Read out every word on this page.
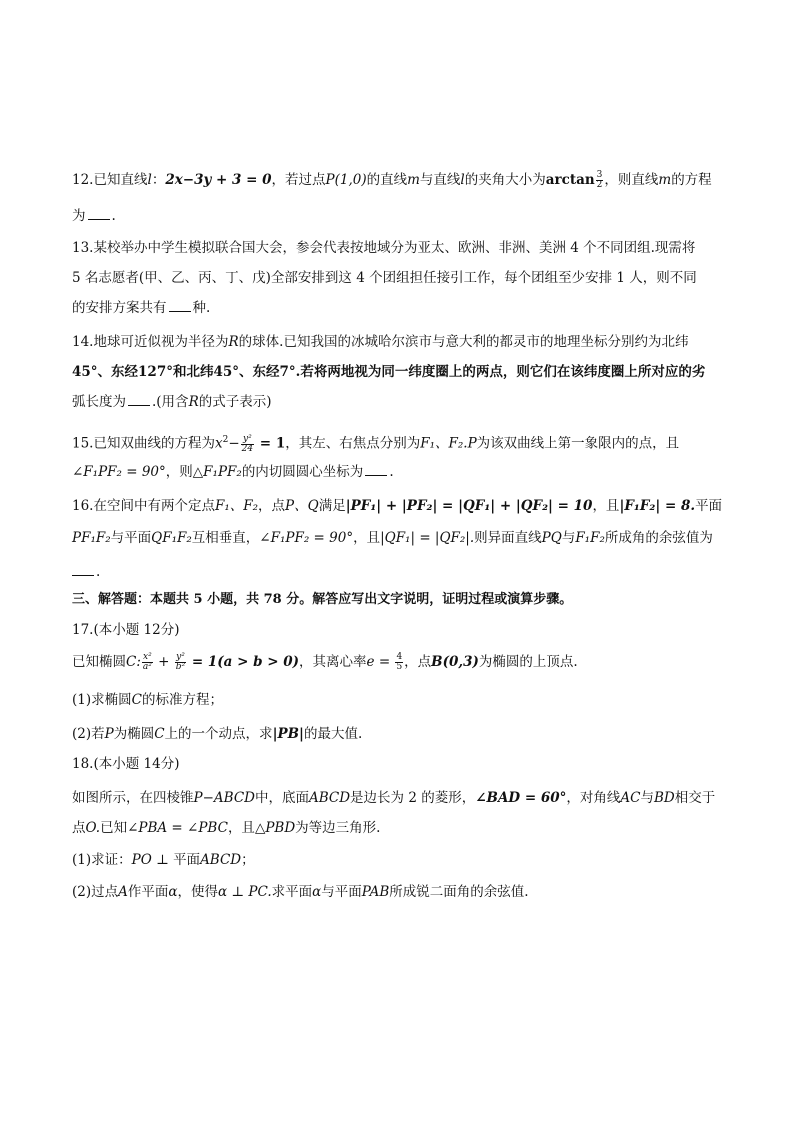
12.已知直线l：2x−3y + 3 = 0，若过点P(1,0)的直线m与直线l的夹角大小为$\arctan \frac{3}{2}$ ，则直线m的方程
为 .
13.某校举办中学生模拟联合国大会，参会代表按地域分为亚太、欧洲、非洲、美洲 4 个不同团组.现需将
5 名志愿者(甲、乙、丙、丁、戊)全部安排到这 4 个团组担任接引工作，每个团组至少安排 1 人，则不同
的安排方案共有 种.
14.地球可近似视为半径为R的球体.已知我国的冰城哈尔滨市与意大利的都灵市的地理坐标分别约为北纬
45°、东经127°和北纬45°、东经7°.若将两地视为同一纬度圈上的两点，则它们在该纬度圈上所对应的劣
弧长度为 .(用含R的式子表示)
15.已知双曲线的方程为$x^2- \frac{\text{y²}}{24} = 1$，其左、右焦点分别为F₁、F₂.P为该双曲线上第一象限内的点，且
∠F₁PF₂ = 90°，则△F₁PF₂的内切圆圆心坐标为 .
16.在空间中有两个定点F₁、F₂，点P、Q满足|PF₁| + |PF₂| = |QF₁| + |QF₂| = 10，且|F₁F₂| = 8.平面
PF₁F₂与平面QF₁F₂互相垂直，∠F₁PF₂ = 90°，且|QF₁| = |QF₂|.则异面直线PQ与F₁F₂所成角的余弦值为
.
三、解答题：本题共 5 小题，共 78 分。解答应写出文字说明，证明过程或演算步骤。
17.(本小题 12分)
已知椭圆C: $\frac{\text{x²}}{\text{a²}} + \frac{\text{y²}}{\text{b²}} = 1(a > b > 0)$，其离心率$e = \frac{4}{5}$ ，点B(0,3)为椭圆的上顶点.
(1)求椭圆C的标准方程；
(2)若P为椭圆C上的一个动点，求|PB|的最大值.
18.(本小题 14分)
如图所示，在四棱锥P−ABCD中，底面ABCD是边长为 2 的菱形，∠BAD = 60°，对角线AC与BD相交于
点O.已知∠PBA = ∠PBC，且△PBD为等边三角形.
(1)求证：PO ⊥ 平面ABCD；
(2)过点A作平面α，使得α ⊥ PC.求平面α与平面PAB所成锐二面角的余弦值.
